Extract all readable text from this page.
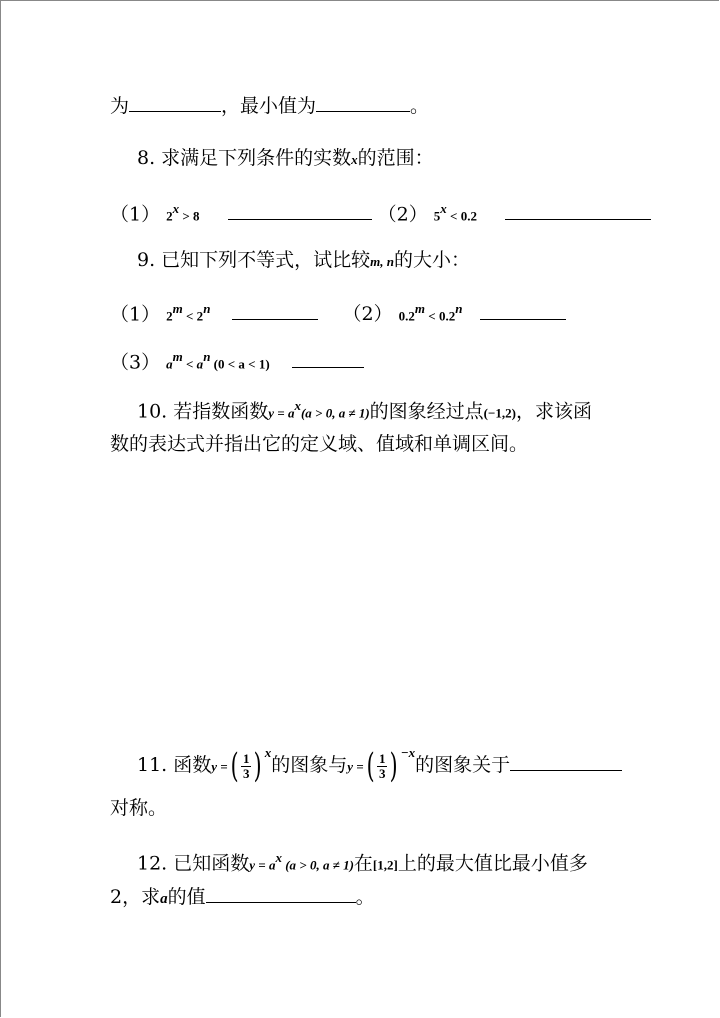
为	，最小值为	。
8. 求满足下列条件的实数x的范围：
（1） $2^x > 8$	（2） $5^x < 0.2$
9. 已知下列不等式，试比较m, n的大小：
（1） $2^m < 2^n$	（2） $0.2^m < 0.2^n$
（3） $a^m < a^n$ (0 < a < 1)
10. 若指数函数$y = a^x(a > 0$, a ≠ 1)的图象经过点(−1,2)，求该函
数的表达式并指出它的定义域、值域和单调区间。
11. 函数y =( $\frac{1}{3}$ ) $^x$的图象与y =( $\frac{1}{3}$ ) $^{-x}$的图象关于
对称。
12. 已知函数$y = a^x$ (a > 0, a ≠ 1)在[1,2]上的最大值比最小值多
2，求a的值	。
